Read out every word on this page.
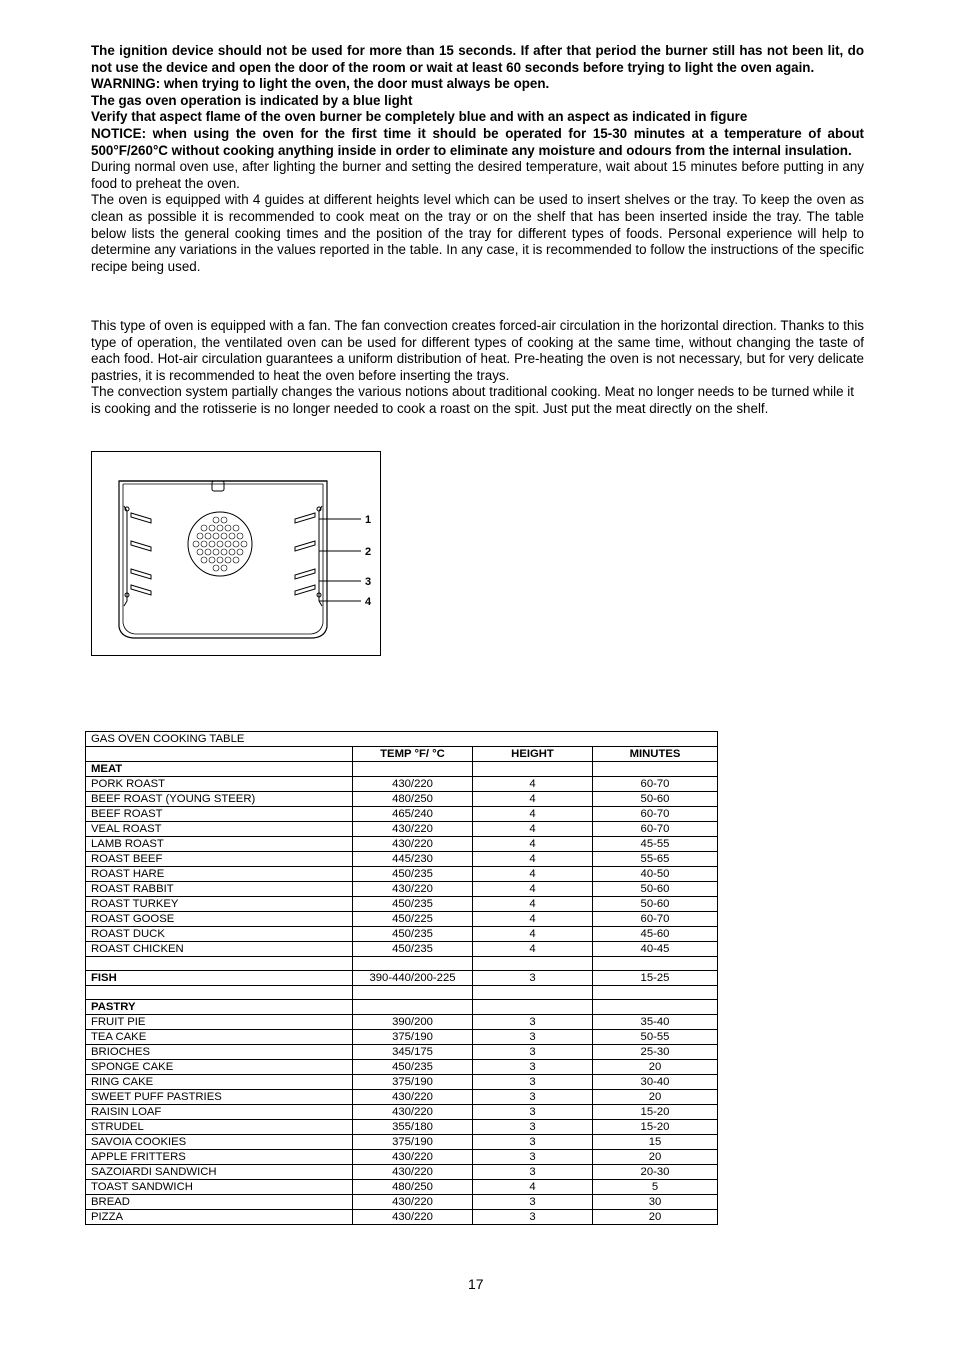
The ignition device should not be used for more than 15 seconds. If after that period the burner still has not been lit, do not use the device and open the door of the room or wait at least 60 seconds before trying to light the oven again.

WARNING: when trying to light the oven, the door must always be open.

The gas oven operation is indicated by a blue light

Verify that aspect flame of the oven burner be completely blue and with an aspect as indicated in figure

NOTICE: when using the oven for the first time it should be operated for 15-30 minutes at a temperature of about 500°F/260°C without cooking anything inside in order to eliminate any moisture and odours from the internal insulation.

During normal oven use, after lighting the burner and setting the desired temperature, wait about 15 minutes before putting in any food to preheat the oven.

The oven is equipped with 4 guides at different heights level which can be used to insert shelves or the tray. To keep the oven as clean as possible it is recommended to cook meat on the tray or on the shelf that has been inserted inside the tray. The table below lists the general cooking times and the position of the tray for different types of foods. Personal experience will help to determine any variations in the values reported in the table. In any case, it is recommended to follow the instructions of the specific recipe being used.

This type of oven is equipped with a fan. The fan convection creates forced-air circulation in the horizontal direction. Thanks to this type of operation, the ventilated oven can be used for different types of cooking at the same time, without changing the taste of each food. Hot-air circulation guarantees a uniform distribution of heat. Pre-heating the oven is not necessary, but for very delicate pastries, it is recommended to heat the oven before inserting the trays.

The convection system partially changes the various notions about traditional cooking. Meat no longer needs to be turned while it is cooking and the rotisserie is no longer needed to cook a roast on the spit. Just put the meat directly on the shelf.

1
2
3
4
GAS OVEN COOKING TABLE			
	TEMP °F/ °C	HEIGHT	MINUTES
MEAT			
PORK ROAST	430/220	4	60-70
BEEF ROAST (YOUNG STEER)	480/250	4	50-60
BEEF ROAST	465/240	4	60-70
VEAL ROAST	430/220	4	60-70
LAMB ROAST	430/220	4	45-55
ROAST BEEF	445/230	4	55-65
ROAST HARE	450/235	4	40-50
ROAST RABBIT	430/220	4	50-60
ROAST TURKEY	450/235	4	50-60
ROAST GOOSE	450/225	4	60-70
ROAST DUCK	450/235	4	45-60
ROAST CHICKEN	450/235	4	40-45

FISH	390-440/200-225	3	15-25

PASTRY			
FRUIT PIE	390/200	3	35-40
TEA CAKE	375/190	3	50-55
BRIOCHES	345/175	3	25-30
SPONGE CAKE	450/235	3	20
RING CAKE	375/190	3	30-40
SWEET PUFF PASTRIES	430/220	3	20
RAISIN LOAF	430/220	3	15-20
STRUDEL	355/180	3	15-20
SAVOIA COOKIES	375/190	3	15
APPLE FRITTERS	430/220	3	20
SAZOIARDI SANDWICH	430/220	3	20-30
TOAST SANDWICH	480/250	4	5
BREAD	430/220	3	30
PIZZA	430/220	3	20
17
